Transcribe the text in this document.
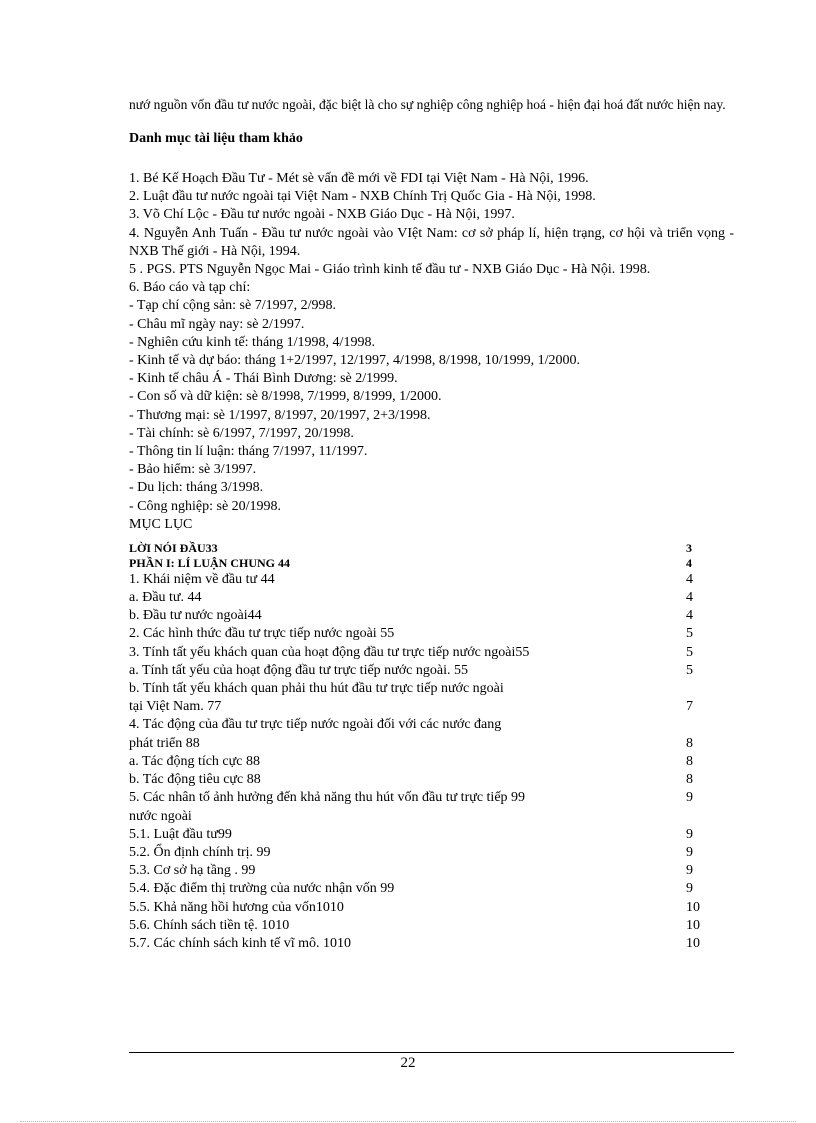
nướ nguồn vốn đầu tư nước ngoài, đặc biệt là cho sự nghiệp công nghiệp hoá - hiện đại hoá đất nước hiện nay.

Danh mục tài liệu tham khảo
1. Bé Kế Hoạch Đầu Tư - Mét sè vấn đề mới về FDI tại Việt Nam - Hà Nội, 1996.
2. Luật đầu tư nước ngoài tại Việt Nam - NXB Chính Trị Quốc Gia - Hà Nội, 1998.
3. Võ Chí Lộc - Đầu tư nước ngoài - NXB Giáo Dục - Hà Nội, 1997.
4. Nguyễn Anh Tuấn - Đầu tư nước ngoài vào VIệt Nam: cơ sở pháp lí, hiện trạng, cơ hội và triển vọng - NXB Thế giới - Hà Nội, 1994.
5 . PGS. PTS Nguyễn Ngọc Mai - Giáo trình kinh tế đầu tư - NXB Giáo Dục - Hà Nội. 1998.
6. Báo cáo và tạp chí:
- Tạp chí cộng sản: sè 7/1997, 2/998.
- Châu mĩ ngày nay: sè 2/1997.
- Nghiên cứu kinh tế: tháng 1/1998, 4/1998.
- Kinh tế và dự báo: tháng 1+2/1997, 12/1997, 4/1998, 8/1998, 10/1999, 1/2000.
- Kinh tế châu Á - Thái Bình Dương: sè 2/1999.
- Con số và dữ kiện: sè 8/1998, 7/1999, 8/1999, 1/2000.
- Thương mại: sè 1/1997, 8/1997, 20/1997, 2+3/1998.
- Tài chính: sè 6/1997, 7/1997, 20/1998.
- Thông tin lí luận: tháng 7/1997, 11/1997.
- Bảo hiểm: sè 3/1997.
- Du lịch: tháng 3/1998.
- Công nghiệp: sè 20/1998.
MỤC LỤC
LỜI NÓI ĐẦU33	3
PHẦN I: LÍ LUẬN CHUNG 44	4
1. Khái niệm về đầu tư 44	4
a. Đầu tư. 44	4
b. Đầu tư nước ngoài44	4
2. Các hình thức đầu tư trực tiếp nước ngoài 55	5
3. Tính tất yếu khách quan của hoạt động đầu tư trực tiếp nước ngoài55	5
a. Tính tất yếu của hoạt động đầu tư trực tiếp nước ngoài. 55	5
b. Tính tất yếu khách quan phải thu hút đầu tư trực tiếp nước ngoài
tại Việt Nam. 77	7
4. Tác động của đầu tư trực tiếp nước ngoài đối với các nước đang
phát triển 88	8
a. Tác động tích cực 88	8
b. Tác động tiêu cực 88	8
5. Các nhân tố ảnh hưởng đến khả năng thu hút vốn đầu tư trực tiếp 99	9
nước ngoài
5.1. Luật đầu tư99	9
5.2. Ổn định chính trị. 99	9
5.3. Cơ sở hạ tầng . 99	9
5.4. Đặc điểm thị trường của nước nhận vốn 99	9
5.5. Khả năng hồi hương của vốn1010	10
5.6. Chính sách tiền tệ. 1010	10
5.7. Các chính sách kinh tế vĩ mô. 1010	10
22
